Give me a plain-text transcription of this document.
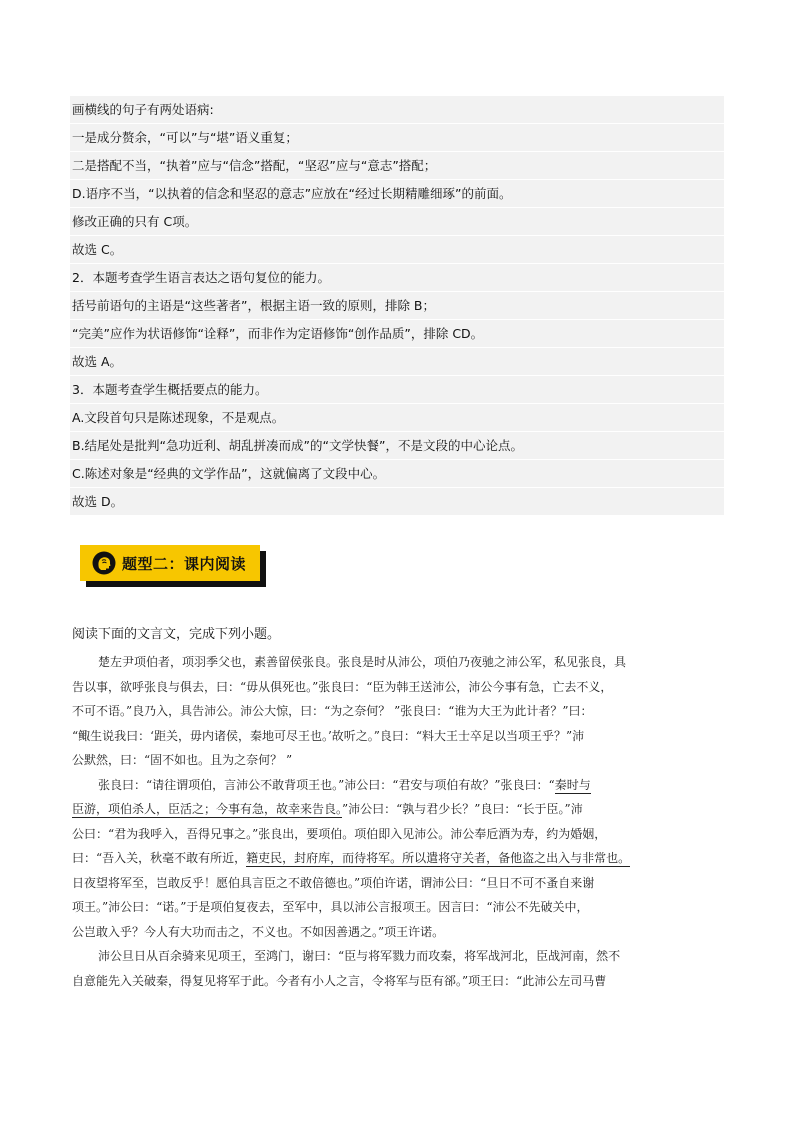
画横线的句子有两处语病:
一是成分赘余，“可以”与“堪”语义重复；
二是搭配不当，“执着”应与“信念”搭配，“坚忍”应与“意志”搭配；
D.语序不当，“以执着的信念和坚忍的意志”应放在“经过长期精雕细琢”的前面。
修改正确的只有 C项。
故选 C。
2．本题考查学生语言表达之语句复位的能力。
括号前语句的主语是“这些著者”，根据主语一致的原则，排除 B；
“完美”应作为状语修饰“诠释”，而非作为定语修饰“创作品质”，排除 CD。
故选 A。
3．本题考查学生概括要点的能力。
A.文段首句只是陈述现象，不是观点。
B.结尾处是批判“急功近利、胡乱拼凑而成”的“文学快餐”，不是文段的中心论点。
C.陈述对象是“经典的文学作品”，这就偏离了文段中心。
故选 D。
题型二：课内阅读
阅读下面的文言文，完成下列小题。
楚左尹项伯者，项羽季父也，素善留侯张良。张良是时从沛公，项伯乃夜驰之沛公军，私见张良，具
告以事，欲呼张良与俱去，曰：“毋从俱死也。”张良曰：“臣为韩王送沛公，沛公今事有急，亡去不义，
不可不语。”良乃入，具告沛公。沛公大惊，曰：“为之奈何？ ”张良曰：“谁为大王为此计者？”曰：
“鲰生说我曰：‘距关，毋内诸侯，秦地可尽王也。’故听之。”良曰：“料大王士卒足以当项王乎？”沛
公默然，曰：“固不如也。且为之奈何？ ”
张良曰：“请往谓项伯，言沛公不敢背项王也。”沛公曰：“君安与项伯有故？”张良曰：“秦时与
臣游，项伯杀人，臣活之；今事有急，故幸来告良。”沛公曰：“孰与君少长？”良曰：“长于臣。”沛
公曰：“君为我呼入，吾得兄事之。”张良出，要项伯。项伯即入见沛公。沛公奉卮酒为寿，约为婚姻，
曰：“吾入关，秋毫不敢有所近，籍吏民，封府库，而待将军。所以遣将守关者，备他盗之出入与非常也。
日夜望将军至，岂敢反乎！愿伯具言臣之不敢倍德也。”项伯许诺，谓沛公曰：“旦日不可不蚤自来谢
项王。”沛公曰：“诺。”于是项伯复夜去，至军中，具以沛公言报项王。因言曰：“沛公不先破关中，
公岂敢入乎？今人有大功而击之，不义也。不如因善遇之。”项王许诺。
沛公旦日从百余骑来见项王，至鸿门，谢曰：“臣与将军戮力而攻秦，将军战河北，臣战河南，然不
自意能先入关破秦，得复见将军于此。今者有小人之言，令将军与臣有郤。”项王曰：“此沛公左司马曹
